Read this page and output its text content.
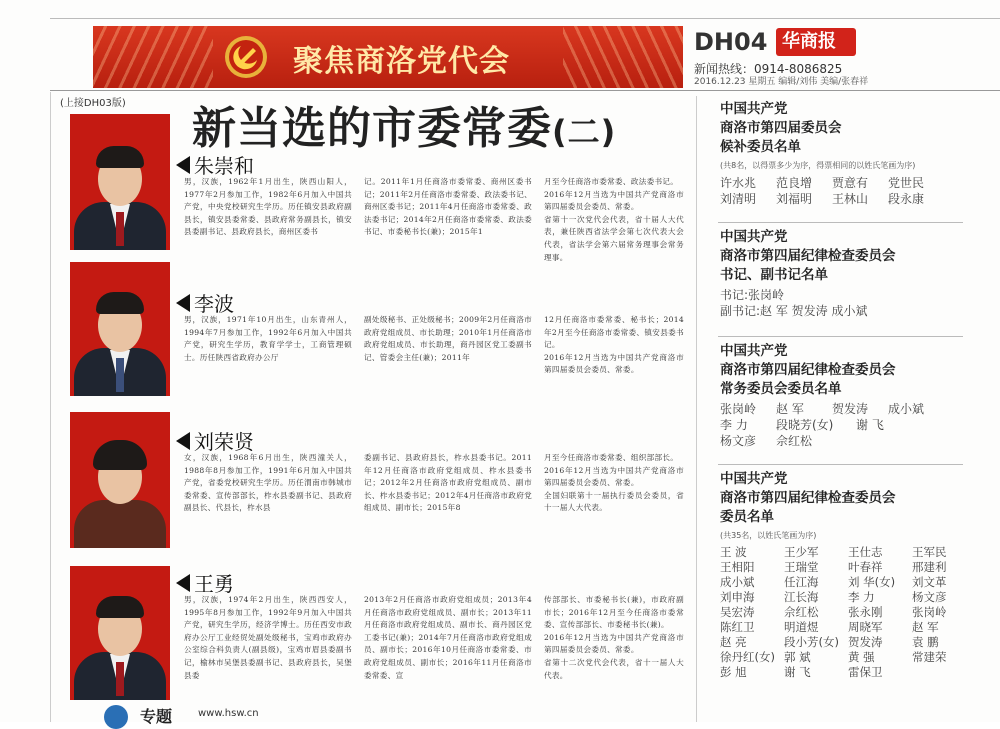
聚焦商洛党代会
DH04 华商报
新闻热线：0914-8086825
2016.12.23 星期五 编辑/刘伟 美编/张春祥
(上接DH03版) 新当选的市委常委(二)
朱崇和
男，汉族，1962年1月出生，陕西山阳人，1977年2月参加工作，1982年6月加入中国共产党，中央党校研究生学历。历任镇安县政府副县长，镇安县委常委、县政府常务副县长，镇安县委副书记、县政府县长，商州区委书
记。2011年1月任商洛市委常委、商州区委书记；2011年2月任商洛市委常委、政法委书记、商州区委书记；2011年4月任商洛市委常委、政法委书记；2014年2月任商洛市委常委、政法委书记、市委秘书长(兼)；2015年1
月至今任商洛市委常委、政法委书记。
2016年12月当选为中国共产党商洛市第四届委员会委员、常委。
省第十一次党代会代表，省十届人大代表，兼任陕西省法学会第七次代表大会代表，省法学会第六届常务理事会常务理事。
李波
男，汉族，1971年10月出生，山东青州人，1994年7月参加工作，1992年6月加入中国共产党，研究生学历，教育学学士，工商管理硕士。历任陕西省政府办公厅
副处级秘书、正处级秘书；2009年2月任商洛市政府党组成员、市长助理；2010年1月任商洛市政府党组成员、市长助理，商丹园区党工委副书记、管委会主任(兼)；2011年
12月任商洛市委常委、秘书长；2014年2月至今任商洛市委常委、镇安县委书记。
2016年12月当选为中国共产党商洛市第四届委员会委员、常委。
刘荣贤
女，汉族，1968年6月出生，陕西潼关人，1988年8月参加工作，1991年6月加入中国共产党，省委党校研究生学历。历任渭南市韩城市委常委、宣传部部长，柞水县委副书记、县政府副县长、代县长，柞水县
委副书记、县政府县长，柞水县委书记。2011年12月任商洛市政府党组成员、柞水县委书记；2012年2月任商洛市政府党组成员、副市长、柞水县委书记；2012年4月任商洛市政府党组成员、副市长；2015年8
月至今任商洛市委常委、组织部部长。
2016年12月当选为中国共产党商洛市第四届委员会委员、常委。
全国妇联第十一届执行委员会委员，省十一届人大代表。
王勇
男，汉族，1974年2月出生，陕西西安人，1995年8月参加工作，1992年9月加入中国共产党，研究生学历，经济学博士。历任西安市政府办公厅工业经贸处副处级秘书，宝鸡市政府办公室综合科负责人(副县级)，宝鸡市眉县委副书记，榆林市吴堡县委副书记、县政府县长，吴堡县委
2013年2月任商洛市政府党组成员；2013年4月任商洛市政府党组成员、副市长；2013年11月任商洛市政府党组成员、副市长、商丹园区党工委书记(兼)；2014年7月任商洛市政府党组成员、副市长；2016年10月任商洛市委常委、市政府党组成员、副市长；2016年11月任商洛市委常委、宣
传部部长、市委秘书长(兼)，市政府副市长；2016年12月至今任商洛市委常委、宣传部部长、市委秘书长(兼)。
2016年12月当选为中国共产党商洛市第四届委员会委员、常委。
省第十二次党代会代表，省十一届人大代表。
专题	www.hsw.cn
中国共产党
商洛市第四届委员会
候补委员名单
(共8名，以得票多少为序，得票相同的以姓氏笔画为序)
许水兆	范良增	贾意有	党世民
刘清明	刘福明	王林山	段永康
中国共产党
商洛市第四届纪律检查委员会
书记、副书记名单
书记:张岗岭
副书记:赵 军 贺发涛 成小斌
中国共产党
商洛市第四届纪律检查委员会
常务委员会委员名单
张岗岭	赵 军	贺发涛	成小斌
李 力	段晓芳(女)	谢 飞
杨文彦	佘红松
中国共产党
商洛市第四届纪律检查委员会
委员名单
(共35名，以姓氏笔画为序)
王 波	王少军	王仕志	王军民
王相阳	王瑞堂	叶春祥	邢建利
成小斌	任江海	刘 华(女)	刘文革
刘申海	江长海	李 力	杨文彦
吴宏涛	佘红松	张永刚	张岗岭
陈红卫	明道煜	周晓军	赵 军
赵 亮	段小芳(女) 贺发涛	袁 鹏
徐丹红(女) 郭 斌	黄 强	常建荣
彭 旭	谢 飞	雷保卫
